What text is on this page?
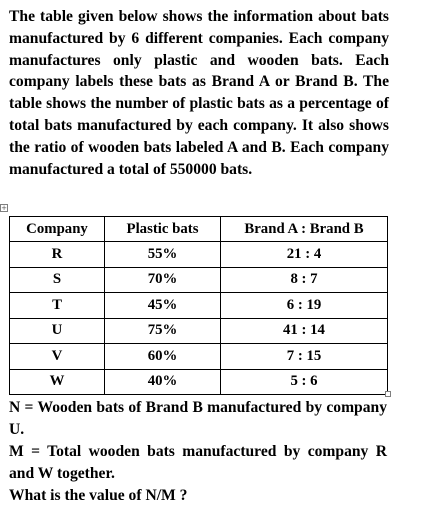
The table given below shows the information about bats manufactured by 6 different companies. Each company manufactures only plastic and wooden bats. Each company labels these bats as Brand A or Brand B. The table shows the number of plastic bats as a percentage of total bats manufactured by each company. It also shows the ratio of wooden bats labeled A and B. Each company manufactured a total of 550000 bats.

+
Company	Plastic bats	Brand A : Brand B
R	55%	21 : 4
S	70%	8 : 7
T	45%	6 : 19
U	75%	41 : 14
V	60%	7 : 15
W	40%	5 : 6

N = Wooden bats of Brand B manufactured by company U.

M = Total wooden bats manufactured by company R and W together.

What is the value of N/M ?
